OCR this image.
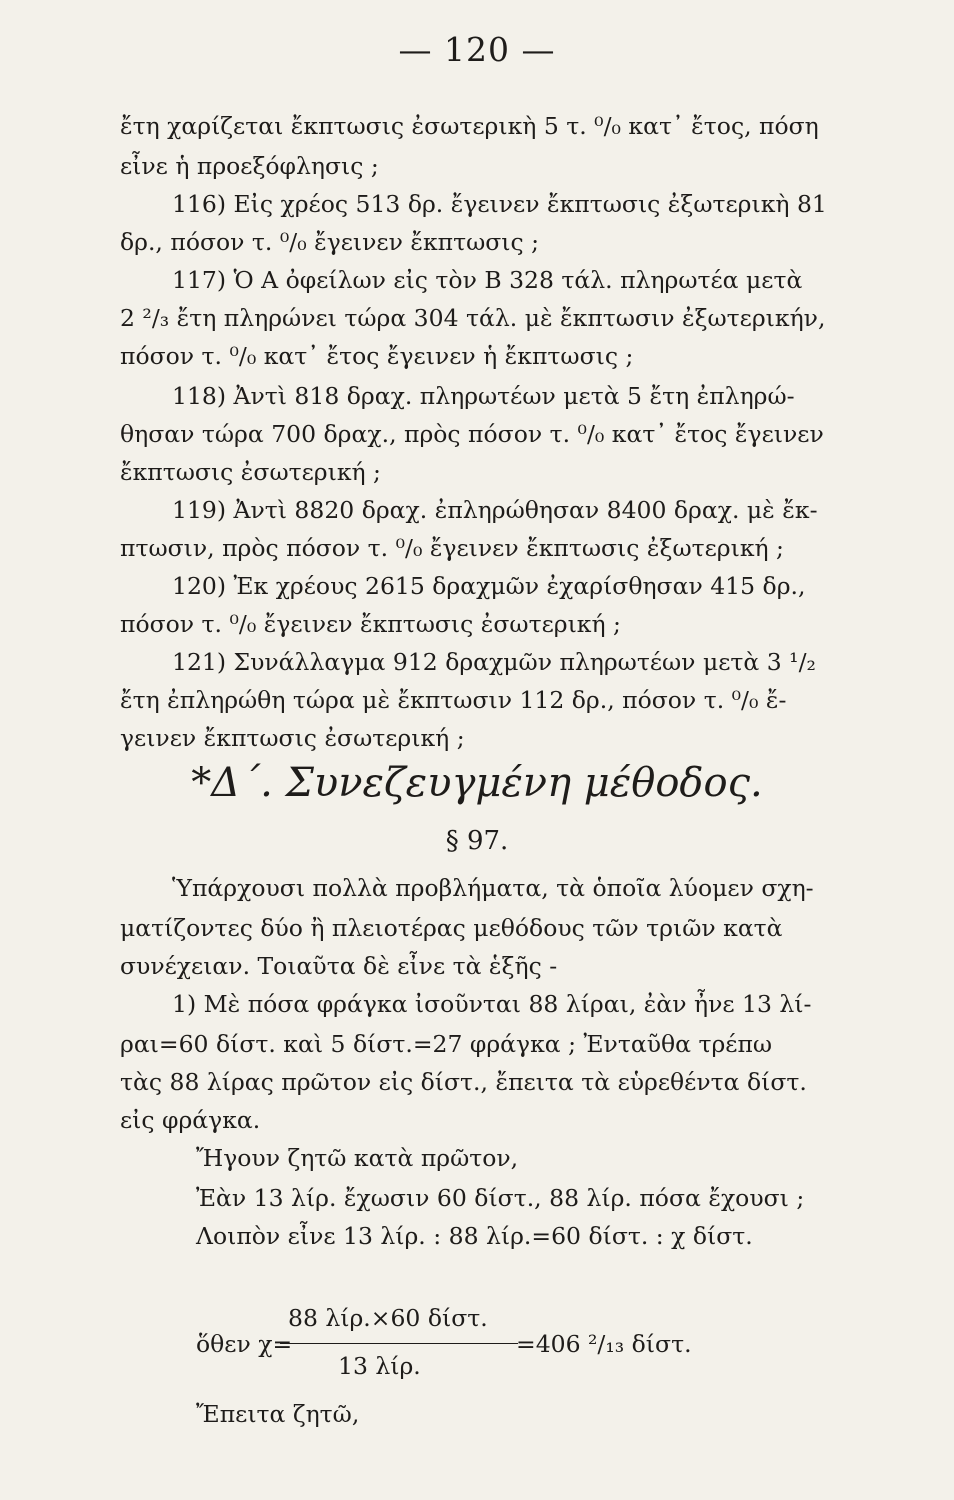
— 120 —
ἔτη χαρίζεται ἔκπτωσις ἐσωτερικὴ 5 τ. ⁰/₀ κατ᾽ ἔτος, πόση
εἶνε ἡ προεξόφλησις ;
116) Εἰς χρέος 513 δρ. ἔγεινεν ἔκπτωσις ἐξωτερικὴ 81
δρ., πόσον τ. ⁰/₀ ἔγεινεν ἔκπτωσις ;
117) Ὁ Α ὀφείλων εἰς τὸν Β 328 τάλ. πληρωτέα μετὰ
2 ²/₃ ἔτη πληρώνει τώρα 304 τάλ. μὲ ἔκπτωσιν ἐξωτερικήν,
πόσον τ. ⁰/₀ κατ᾽ ἔτος ἔγεινεν ἡ ἔκπτωσις ;
118) Ἀντὶ 818 δραχ. πληρωτέων μετὰ 5 ἔτη ἐπληρώ-
θησαν τώρα 700 δραχ., πρὸς πόσον τ. ⁰/₀ κατ᾽ ἔτος ἔγεινεν
ἔκπτωσις ἐσωτερική ;
119) Ἀντὶ 8820 δραχ. ἐπληρώθησαν 8400 δραχ. μὲ ἔκ-
πτωσιν, πρὸς πόσον τ. ⁰/₀ ἔγεινεν ἔκπτωσις ἐξωτερική ;
120) Ἐκ χρέους 2615 δραχμῶν ἐχαρίσθησαν 415 δρ.,
πόσον τ. ⁰/₀ ἔγεινεν ἔκπτωσις ἐσωτερική ;
121) Συνάλλαγμα 912 δραχμῶν πληρωτέων μετὰ 3 ¹/₂
ἔτη ἐπληρώθη τώρα μὲ ἔκπτωσιν 112 δρ., πόσον τ. ⁰/₀ ἔ-
γεινεν ἔκπτωσις ἐσωτερική ;
*Δ΄. Συνεζευγμένη μέθοδος.
§ 97.
Ὑπάρχουσι πολλὰ προβλήματα, τὰ ὁποῖα λύομεν σχη-
ματίζοντες δύο ἢ πλειοτέρας μεθόδους τῶν τριῶν κατὰ
συνέχειαν. Τοιαῦτα δὲ εἶνε τὰ ἑξῆς -
1) Μὲ πόσα φράγκα ἰσοῦνται 88 λίραι, ἐὰν ἦνε 13 λί-
ραι=60 δίστ. καὶ 5 δίστ.=27 φράγκα ; Ἐνταῦθα τρέπω
τὰς 88 λίρας πρῶτον εἰς δίστ., ἔπειτα τὰ εὑρεθέντα δίστ.
εἰς φράγκα.
Ἤγουν ζητῶ κατὰ πρῶτον,
Ἐὰν 13 λίρ. ἔχωσιν 60 δίστ., 88 λίρ. πόσα ἔχουσι ;
Λοιπὸν εἶνε 13 λίρ. : 88 λίρ.=60 δίστ. : χ δίστ.
ὅθεν χ=
88 λίρ.×60 δίστ.
13 λίρ.
=406 ²/₁₃ δίστ.
Ἔπειτα ζητῶ,
